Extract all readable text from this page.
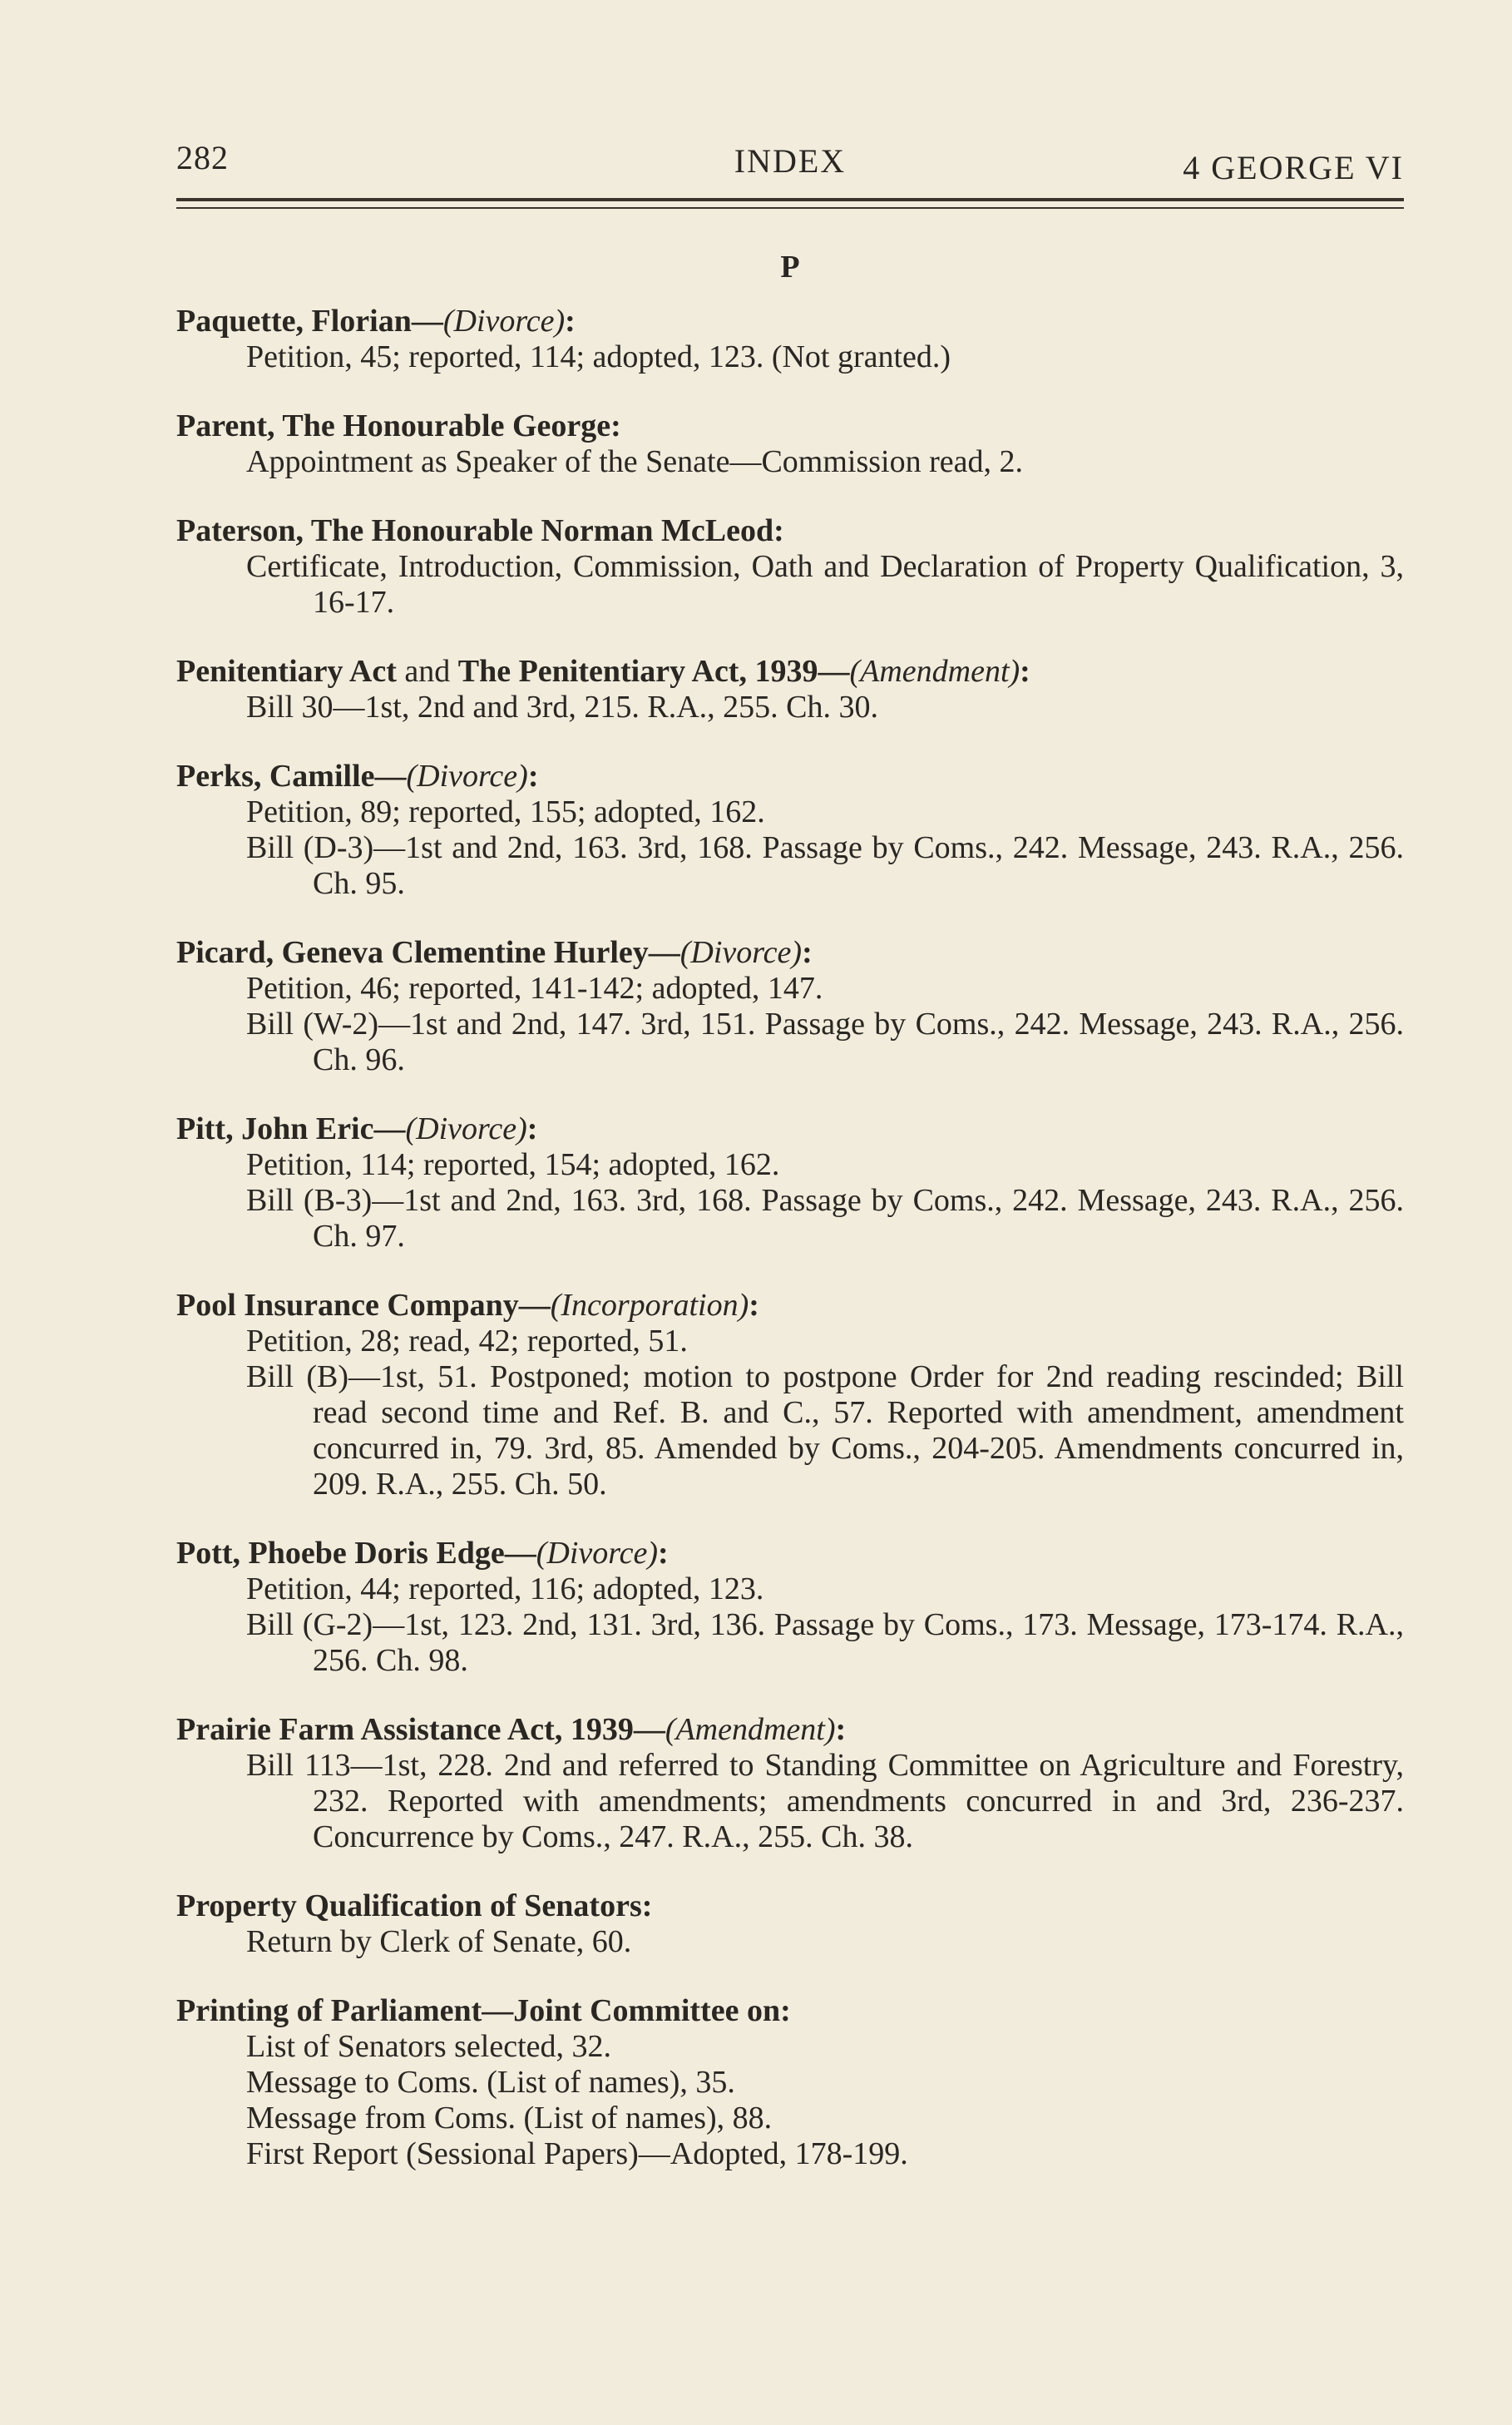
282	INDEX	4 GEORGE VI
P
Paquette, Florian—(Divorce):
Petition, 45; reported, 114; adopted, 123. (Not granted.)
Parent, The Honourable George:
Appointment as Speaker of the Senate—Commission read, 2.
Paterson, The Honourable Norman McLeod:
Certificate, Introduction, Commission, Oath and Declaration of Property Qualification, 3, 16-17.
Penitentiary Act and The Penitentiary Act, 1939—(Amendment):
Bill 30—1st, 2nd and 3rd, 215. R.A., 255. Ch. 30.
Perks, Camille—(Divorce):
Petition, 89; reported, 155; adopted, 162.
Bill (D-3)—1st and 2nd, 163. 3rd, 168. Passage by Coms., 242. Message, 243. R.A., 256. Ch. 95.
Picard, Geneva Clementine Hurley—(Divorce):
Petition, 46; reported, 141-142; adopted, 147.
Bill (W-2)—1st and 2nd, 147. 3rd, 151. Passage by Coms., 242. Message, 243. R.A., 256. Ch. 96.
Pitt, John Eric—(Divorce):
Petition, 114; reported, 154; adopted, 162.
Bill (B-3)—1st and 2nd, 163. 3rd, 168. Passage by Coms., 242. Message, 243. R.A., 256. Ch. 97.
Pool Insurance Company—(Incorporation):
Petition, 28; read, 42; reported, 51.
Bill (B)—1st, 51. Postponed; motion to postpone Order for 2nd reading rescinded; Bill read second time and Ref. B. and C., 57. Reported with amendment, amendment concurred in, 79. 3rd, 85. Amended by Coms., 204-205. Amendments concurred in, 209. R.A., 255. Ch. 50.
Pott, Phoebe Doris Edge—(Divorce):
Petition, 44; reported, 116; adopted, 123.
Bill (G-2)—1st, 123. 2nd, 131. 3rd, 136. Passage by Coms., 173. Message, 173-174. R.A., 256. Ch. 98.
Prairie Farm Assistance Act, 1939—(Amendment):
Bill 113—1st, 228. 2nd and referred to Standing Committee on Agriculture and Forestry, 232. Reported with amendments; amendments concurred in and 3rd, 236-237. Concurrence by Coms., 247. R.A., 255. Ch. 38.
Property Qualification of Senators:
Return by Clerk of Senate, 60.
Printing of Parliament—Joint Committee on:
List of Senators selected, 32.
Message to Coms. (List of names), 35.
Message from Coms. (List of names), 88.
First Report (Sessional Papers)—Adopted, 178-199.
